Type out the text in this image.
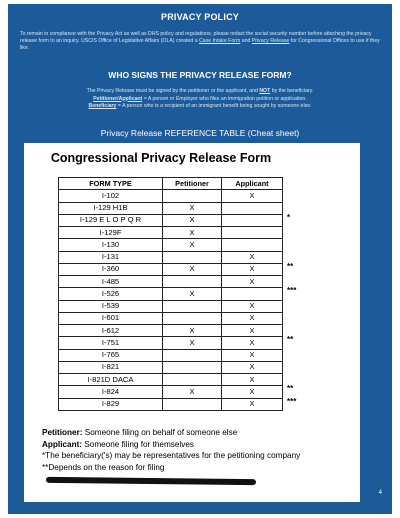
PRIVACY POLICY
To remain in compliance with the Privacy Act as well as DHS policy and regulations, please redact the social security number before attaching the privacy release form to an inquiry. USCIS Office of Legislative Affairs (OLA) created a Case Intake Form and Privacy Release for Congressional Offices to use if they like.
WHO SIGNS THE PRIVACY RELEASE FORM?
The Privacy Release must be signed by the petitioner or the applicant, and NOT by the beneficiary.
Petitioner/Applicant = A person or Employer who files an immigration petition or application.
Beneficiary = A person who is a recipient of an immigrant benefit being sought by someone else.
Privacy Release REFERENCE TABLE (Cheat sheet)
Congressional Privacy Release Form
FORM TYPE	Petitioner	Applicant
I-102		X
I-129 H1B	X	
I-129 E L O P Q R	X	
I-129F	X	
I-130	X	
I-131		X
I-360	X	X
I-485		X
I-526	X	
I-539		X
I-601		X
I-612	X	X
I-751	X	X
I-765		X
I-821		X
I-821D DACA		X
I-824	X	X
I-829		X
*
**
***
**
**
***
Petitioner: Someone filing on behalf of someone else
Applicant: Someone filing for themselves
*The beneficiary('s) may be representatives for the petitioning company
**Depends on the reason for filing
4
